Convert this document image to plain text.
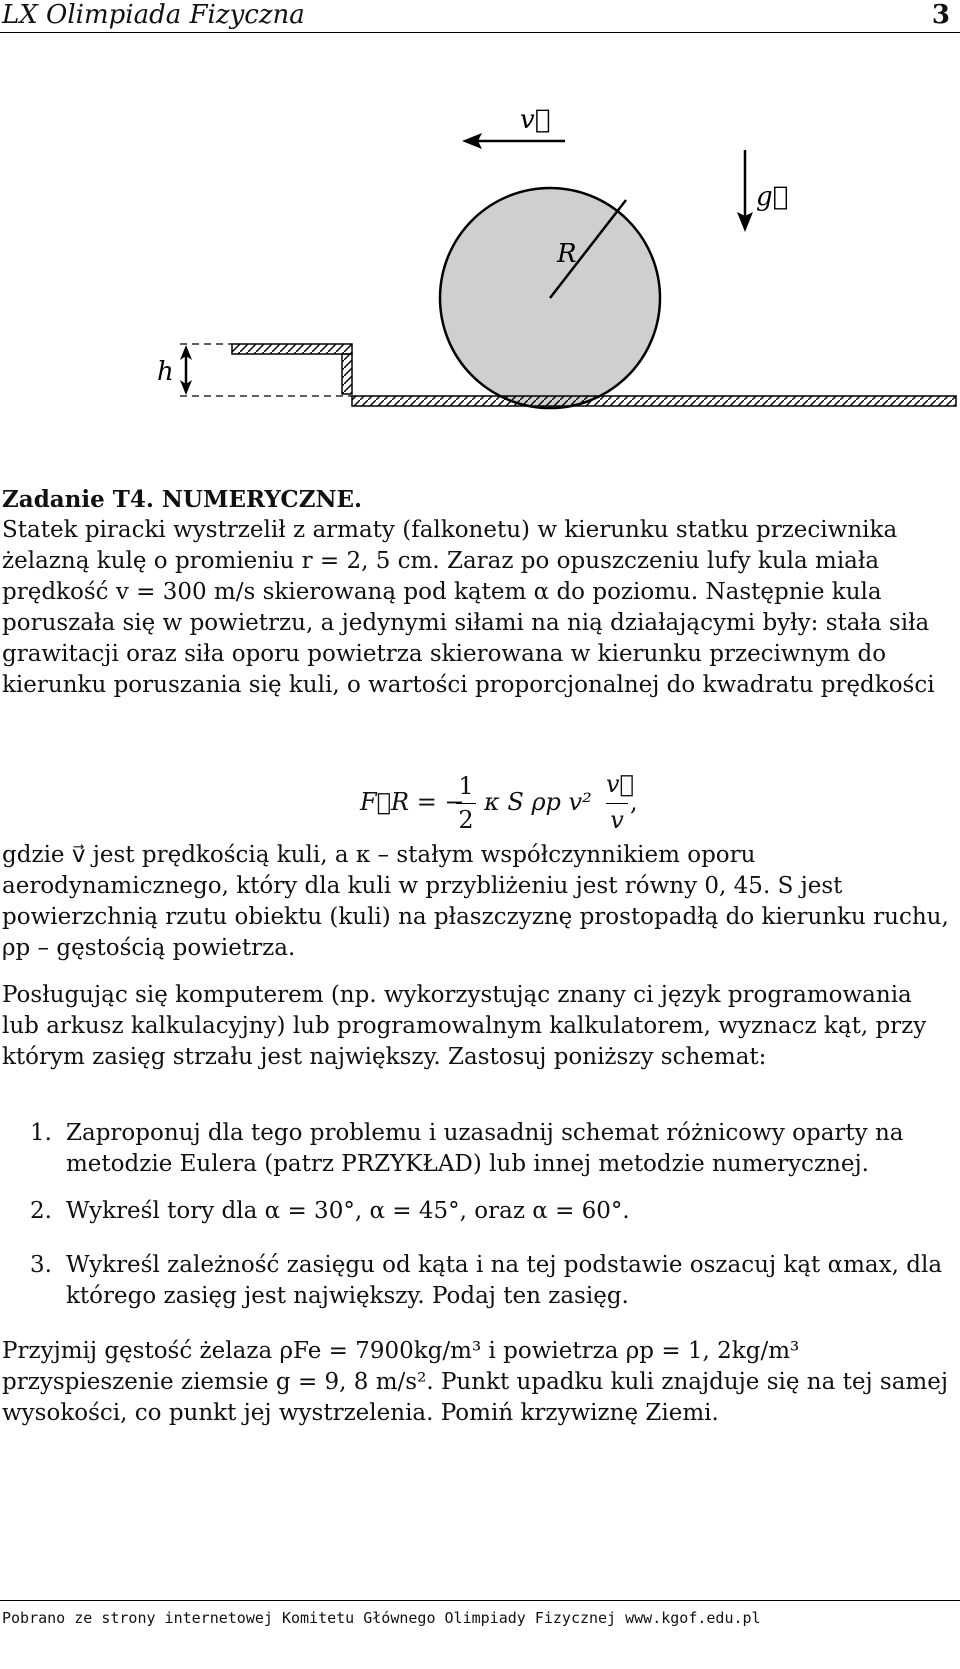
LX Olimpiada Fizyczna	3
v⃗
g⃗
R
h
Zadanie T4. NUMERYCZNE.
Statek piracki wystrzelił z armaty (falkonetu) w kierunku statku przeciwnika żelazną kulę o promieniu r = 2, 5 cm. Zaraz po opuszczeniu lufy kula miała prędkość v = 300 m/s skierowaną pod kątem α do poziomu. Następnie kula poruszała się w powietrzu, a jedynymi siłami na nią działającymi były: stała siła grawitacji oraz siła oporu powietrza skierowana w kierunku przeciwnym do kierunku poruszania się kuli, o wartości proporcjonalnej do kwadratu prędkości
F⃗R = −
1
2
κ S ρp v²
v⃗
v
,
gdzie v⃗ jest prędkością kuli, a κ – stałym współczynnikiem oporu aerodynamicznego, który dla kuli w przybliżeniu jest równy 0, 45. S jest powierzchnią rzutu obiektu (kuli) na płaszczyznę prostopadłą do kierunku ruchu, ρp – gęstością powietrza.
Posługując się komputerem (np. wykorzystując znany ci język programowania lub arkusz kalkulacyjny) lub programowalnym kalkulatorem, wyznacz kąt, przy którym zasięg strzału jest największy. Zastosuj poniższy schemat:
1. Zaproponuj dla tego problemu i uzasadnij schemat różnicowy oparty na metodzie Eulera (patrz PRZYKŁAD) lub innej metodzie numerycznej.
2. Wykreśl tory dla α = 30°, α = 45°, oraz α = 60°.
3. Wykreśl zależność zasięgu od kąta i na tej podstawie oszacuj kąt αmax, dla którego zasięg jest największy. Podaj ten zasięg.
Przyjmij gęstość żelaza ρFe = 7900kg/m³ i powietrza ρp = 1, 2kg/m³ przyspieszenie ziemsie g = 9, 8 m/s². Punkt upadku kuli znajduje się na tej samej wysokości, co punkt jej wystrzelenia. Pomiń krzywiznę Ziemi.
Pobrano ze strony internetowej Komitetu Głównego Olimpiady Fizycznej www.kgof.edu.pl
